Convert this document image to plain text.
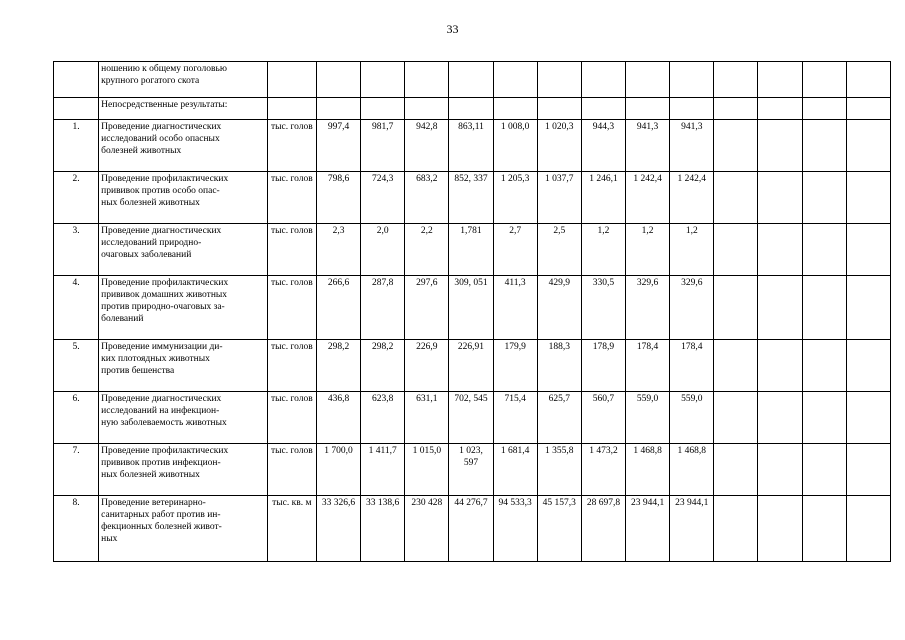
33

	ношению к общему поголовью
крупного рогатого скота														

	Непосредственные результаты:														

1.	Проведение диагностических
исследований особо опасных
болезней животных	тыс. голов	997,4	981,7	942,8	863,11	1 008,0	1 020,3	944,3	941,3	941,3				
2.	Проведение профилактических
прививок против особо опас-
ных болезней животных	тыс. голов	798,6	724,3	683,2	852, 337	1 205,3	1 037,7	1 246,1	1 242,4	1 242,4				
3.	Проведение диагностических
исследований природно-
очаговых заболеваний	тыс. голов	2,3	2,0	2,2	1,781	2,7	2,5	1,2	1,2	1,2				
4.	Проведение профилактических
прививок домашних животных
против природно-очаговых за-
болеваний	тыс. голов	266,6	287,8	297,6	309, 051	411,3	429,9	330,5	329,6	329,6				
5.	Проведение иммунизации ди-
ких плотоядных животных
против бешенства	тыс. голов	298,2	298,2	226,9	226,91	179,9	188,3	178,9	178,4	178,4				
6.	Проведение диагностических
исследований на инфекцион-
ную заболеваемость животных	тыс. голов	436,8	623,8	631,1	702, 545	715,4	625,7	560,7	559,0	559,0				
7.	Проведение профилактических
прививок против инфекцион-
ных болезней животных	тыс. голов	1 700,0	1 411,7	1 015,0	1 023, 597	1 681,4	1 355,8	1 473,2	1 468,8	1 468,8				
8.	Проведение ветеринарно-
санитарных работ против ин-
фекционных болезней живот-
ных	тыс. кв. м	33 326,6	33 138,6	230 428	44 276,7	94 533,3	45 157,3	28 697,8	23 944,1	23 944,1				
